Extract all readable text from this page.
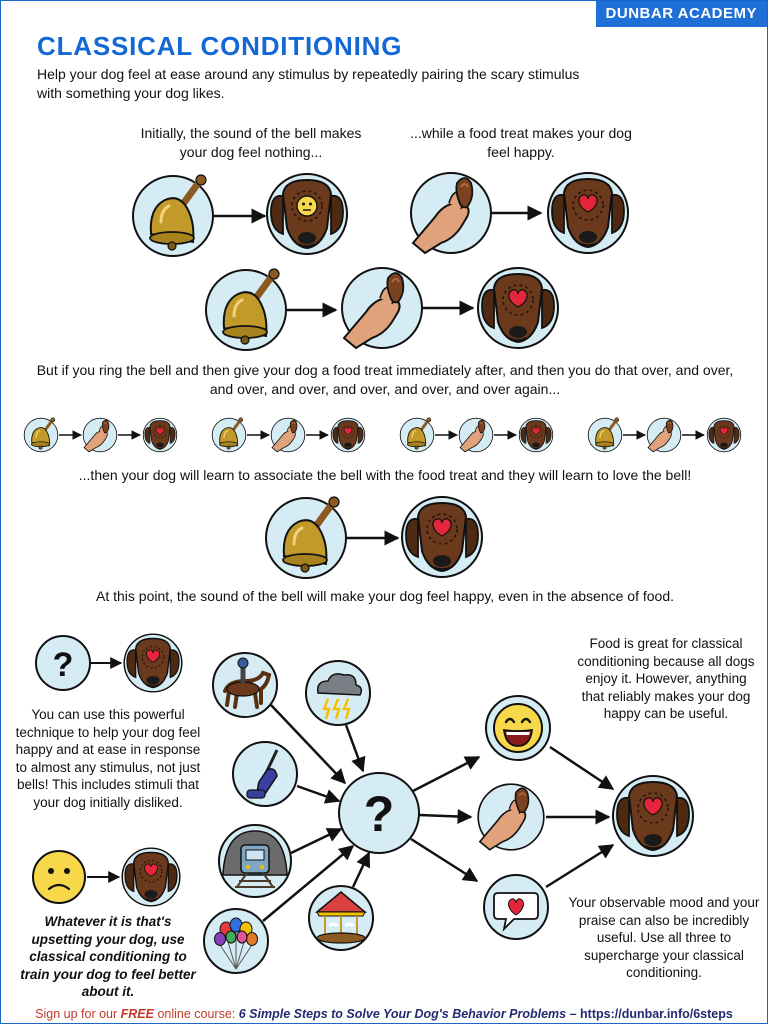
DUNBAR ACADEMY
CLASSICAL CONDITIONING
Help your dog feel at ease around any stimulus by repeatedly pairing the scary stimulus with something your dog likes.
Initially, the sound of the bell makes your dog feel nothing...
...while a food treat makes your dog feel happy.
But if you ring the bell and then give your dog a food treat immediately after, and then you do that over, and over, and over, and over, and over, and over, and over again...
...then your dog will learn to associate the bell with the food treat and they will learn to love the bell!
At this point, the sound of the bell will make your dog feel happy, even in the absence of food.
You can use this powerful technique to help your dog feel happy and at ease in response to almost any stimulus, not just bells! This includes stimuli that your dog initially disliked.
Whatever it is that's upsetting your dog, use classical conditioning to train your dog to feel better about it.
Food is great for classical conditioning because all dogs enjoy it. However, anything that reliably makes your dog happy can be useful.
Your observable mood and your praise can also be incredibly useful. Use all three to supercharge your classical conditioning.
?
?
Sign up for our FREE online course: 6 Simple Steps to Solve Your Dog's Behavior Problems – https://dunbar.info/6steps
